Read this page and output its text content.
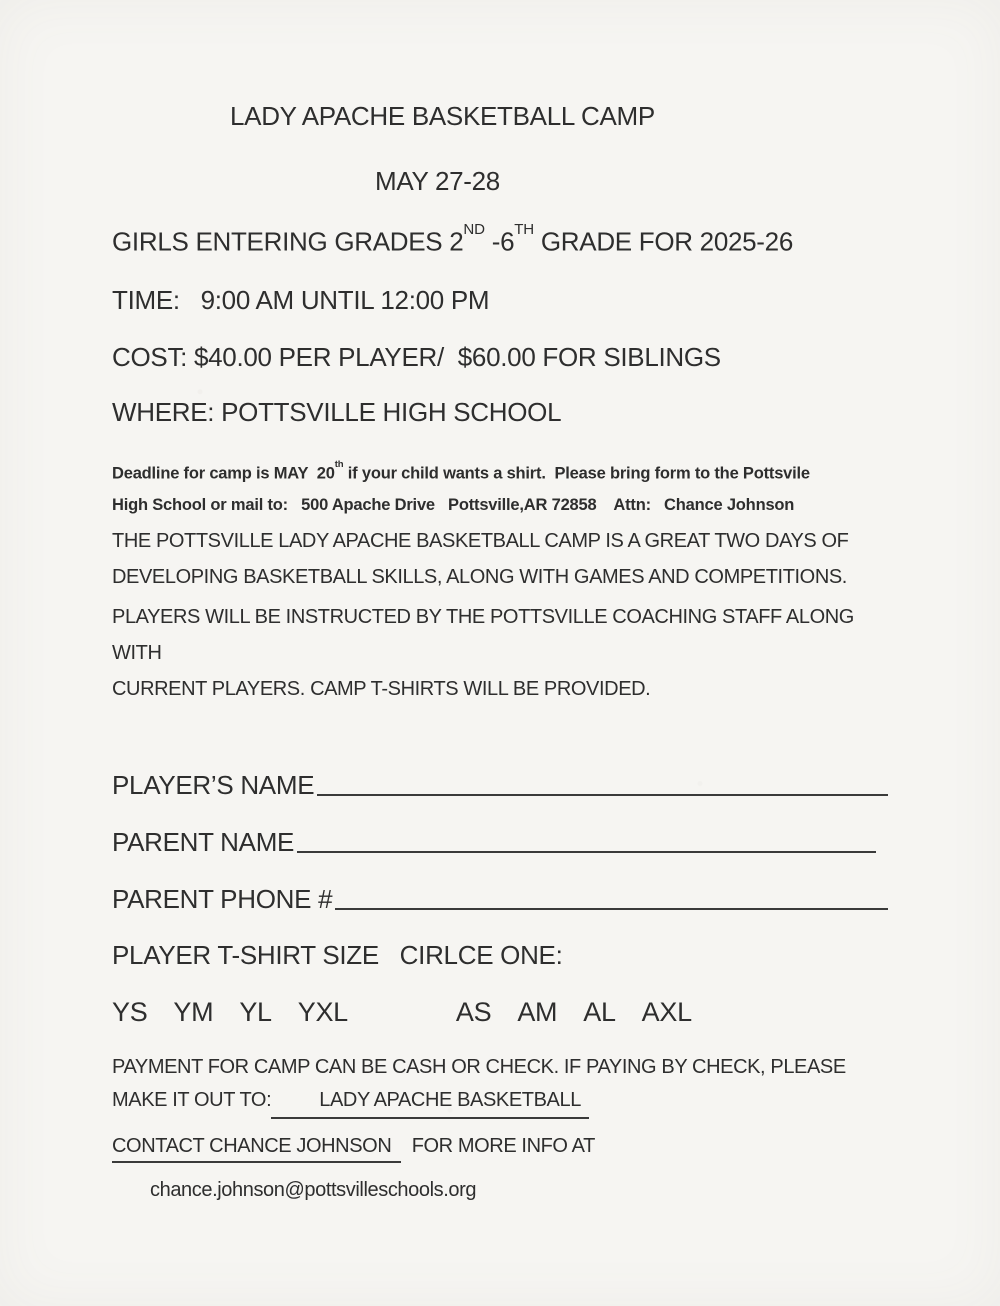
LADY APACHE BASKETBALL CAMP
MAY 27-28
GIRLS ENTERING GRADES 2ND -6TH GRADE FOR 2025-26
TIME:   9:00 AM UNTIL 12:00 PM
COST: $40.00 PER PLAYER/  $60.00 FOR SIBLINGS
WHERE: POTTSVILLE HIGH SCHOOL
Deadline for camp is MAY  20th if your child wants a shirt.  Please bring form to the Pottsvile
High School or mail to:   500 Apache Drive   Pottsville,AR 72858    Attn:   Chance Johnson
THE POTTSVILLE LADY APACHE BASKETBALL CAMP IS A GREAT TWO DAYS OF
DEVELOPING BASKETBALL SKILLS, ALONG WITH GAMES AND COMPETITIONS.
PLAYERS WILL BE INSTRUCTED BY THE POTTSVILLE COACHING STAFF ALONG WITH
CURRENT PLAYERS. CAMP T-SHIRTS WILL BE PROVIDED.
PLAYER’S NAME
PARENT NAME
PARENT PHONE #
PLAYER T-SHIRT SIZE   CIRLCE ONE:
YS YM YL YXL	AS AM AL AXL
PAYMENT FOR CAMP CAN BE CASH OR CHECK. IF PAYING BY CHECK, PLEASE
MAKE IT OUT TO: LADY APACHE BASKETBALL
CONTACT CHANCE JOHNSON  FOR MORE INFO AT
chance.johnson@pottsvilleschools.org
